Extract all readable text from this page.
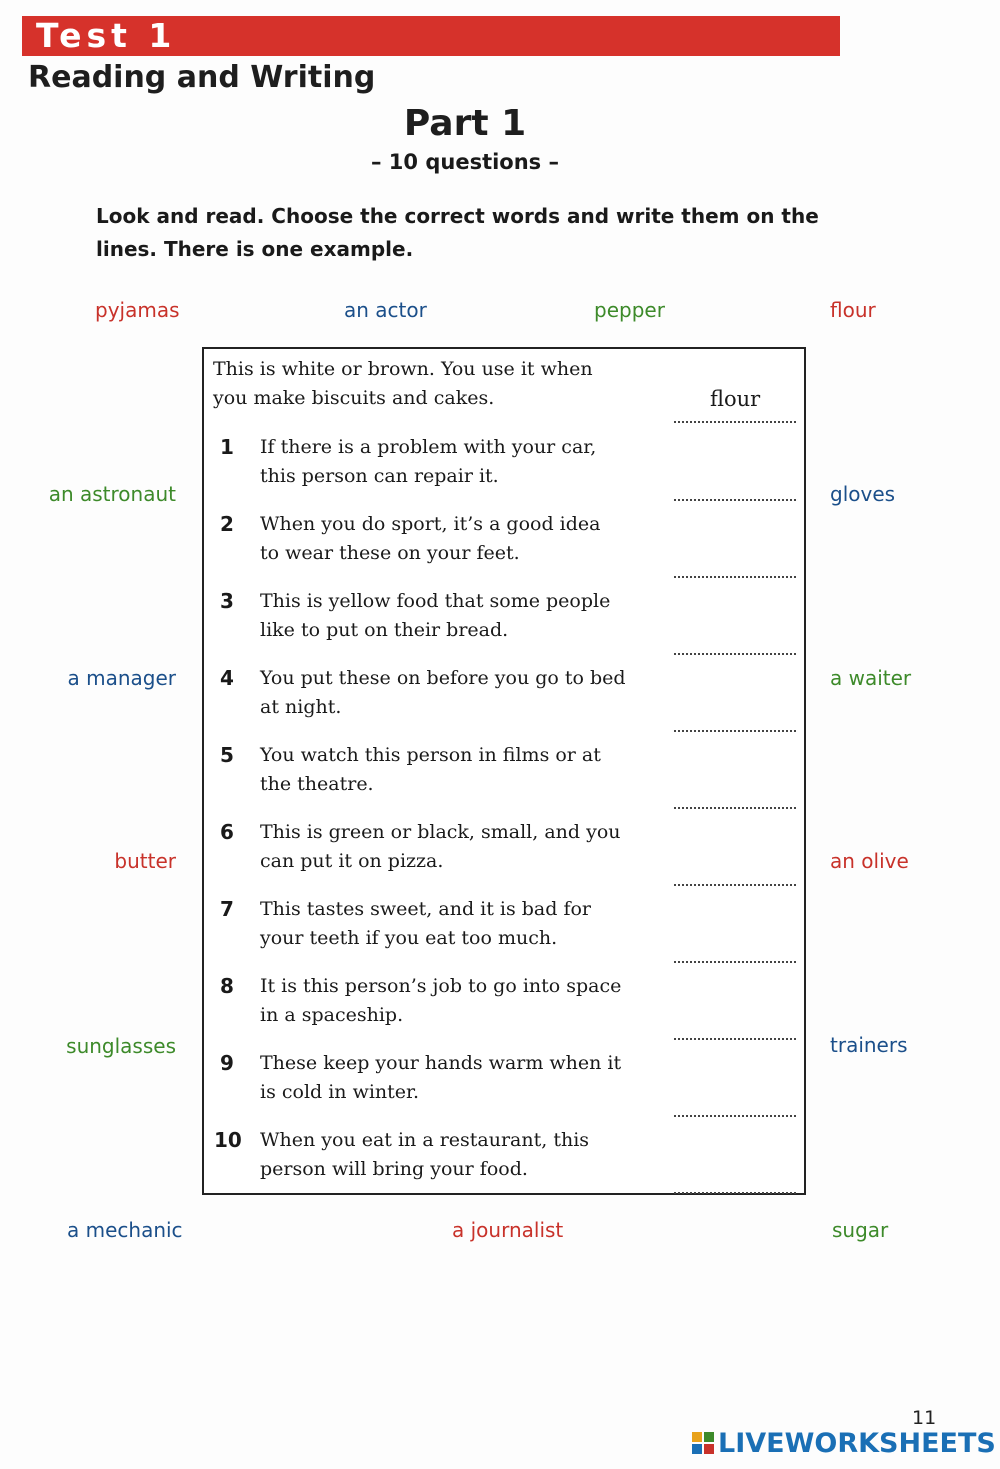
Test 1
Reading and Writing
Part 1
– 10 questions –
Look and read. Choose the correct words and write them on the lines. There is one example.
pyjamas	an actor	pepper	flour
an astronaut	gloves
a manager	a waiter
butter	an olive
sunglasses	trainers
a mechanic	a journalist	sugar
This is white or brown. You use it when
you make biscuits and cakes.	flour
1 If there is a problem with your car,
this person can repair it.
2 When you do sport, it’s a good idea
to wear these on your feet.
3 This is yellow food that some people
like to put on their bread.
4 You put these on before you go to bed
at night.
5 You watch this person in films or at
the theatre.
6 This is green or black, small, and you
can put it on pizza.
7 This tastes sweet, and it is bad for
your teeth if you eat too much.
8 It is this person’s job to go into space
in a spaceship.
9 These keep your hands warm when it
is cold in winter.
10 When you eat in a restaurant, this
person will bring your food.
11
LIVEWORKSHEETS
